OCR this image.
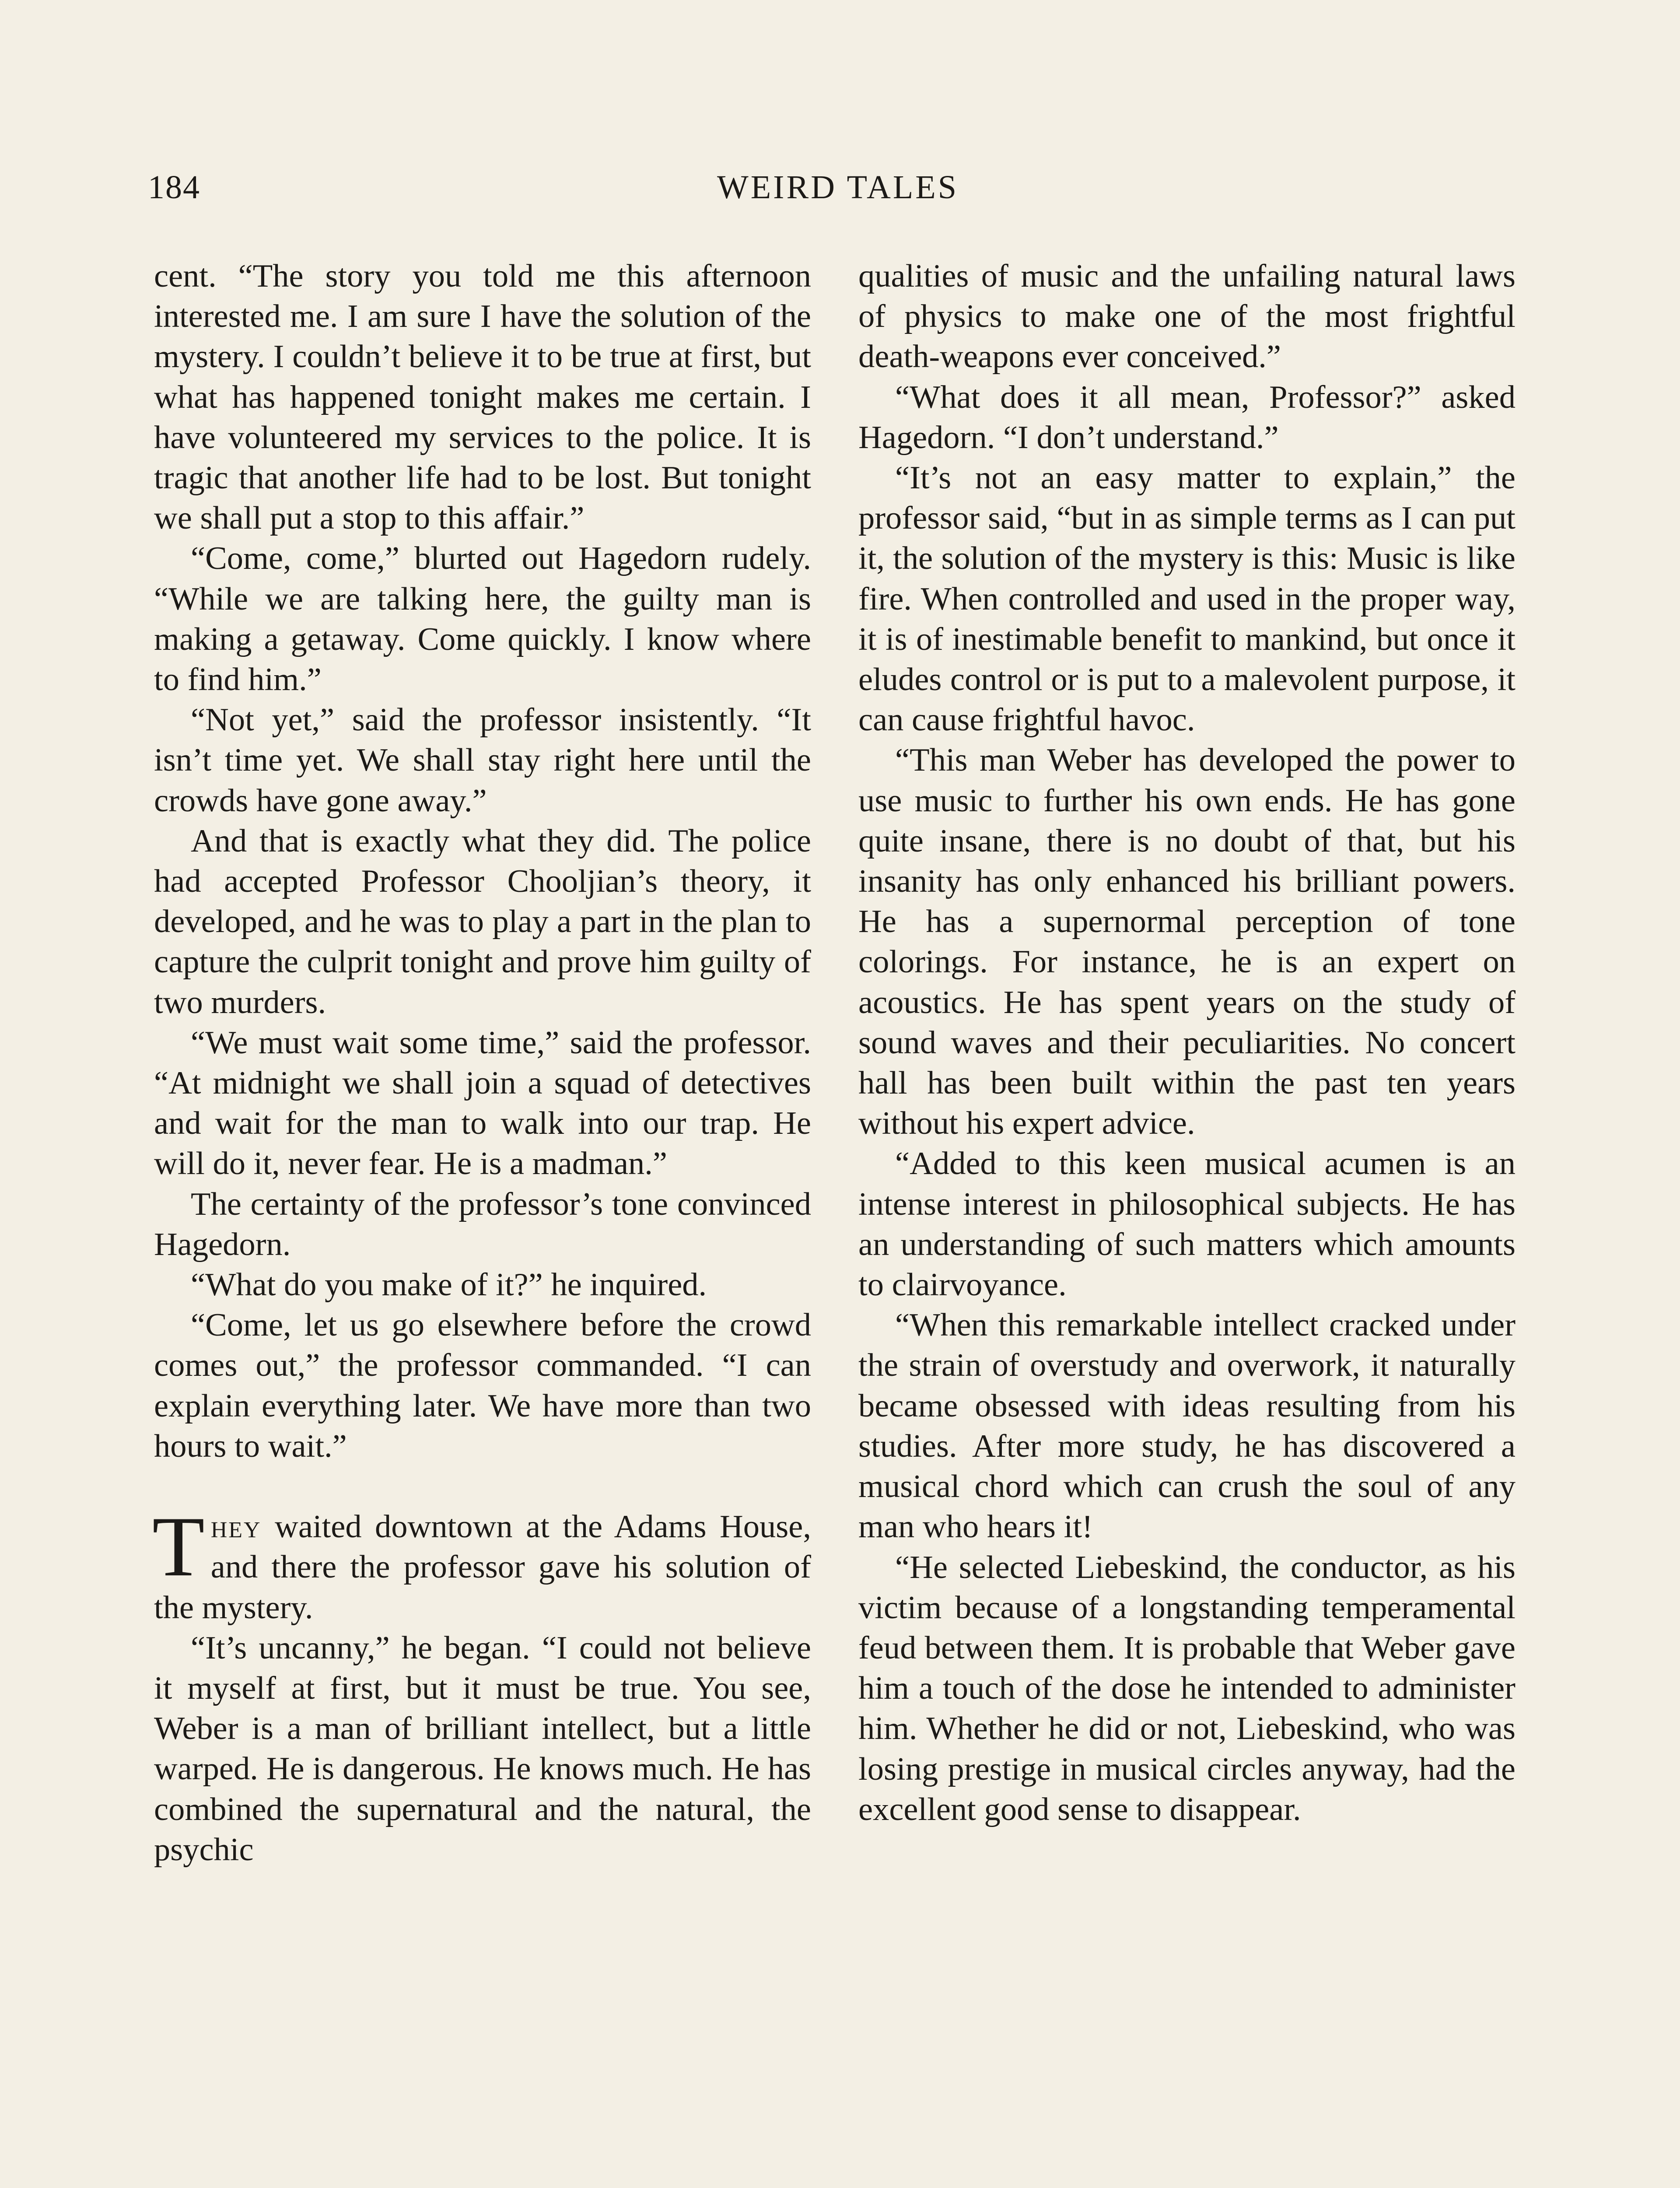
184	WEIRD TALES

cent. “The story you told me this afternoon interested me. I am sure I have the solution of the mystery. I couldn’t believe it to be true at first, but what has happened tonight makes me certain. I have volunteered my services to the police. It is tragic that another life had to be lost. But tonight we shall put a stop to this affair.”

“Come, come,” blurted out Hagedorn rudely. “While we are talking here, the guilty man is making a getaway. Come quickly. I know where to find him.”

“Not yet,” said the professor insistently. “It isn’t time yet. We shall stay right here until the crowds have gone away.”

And that is exactly what they did. The police had accepted Professor Chooljian’s theory, it developed, and he was to play a part in the plan to capture the culprit tonight and prove him guilty of two murders.

“We must wait some time,” said the professor. “At midnight we shall join a squad of detectives and wait for the man to walk into our trap. He will do it, never fear. He is a madman.”

The certainty of the professor’s tone convinced Hagedorn.

“What do you make of it?” he inquired.

“Come, let us go elsewhere before the crowd comes out,” the professor commanded. “I can explain everything later. We have more than two hours to wait.”

They waited downtown at the Adams House, and there the professor gave his solution of the mystery.

“It’s uncanny,” he began. “I could not believe it myself at first, but it must be true. You see, Weber is a man of brilliant intellect, but a little warped. He is dangerous. He knows much. He has combined the supernatural and the natural, the psychic

qualities of music and the unfailing natural laws of physics to make one of the most frightful death-weapons ever conceived.”

“What does it all mean, Professor?” asked Hagedorn. “I don’t understand.”

“It’s not an easy matter to explain,” the professor said, “but in as simple terms as I can put it, the solution of the mystery is this: Music is like fire. When controlled and used in the proper way, it is of inestimable benefit to mankind, but once it eludes control or is put to a malevolent purpose, it can cause frightful havoc.

“This man Weber has developed the power to use music to further his own ends. He has gone quite insane, there is no doubt of that, but his insanity has only enhanced his brilliant powers. He has a supernormal perception of tone colorings. For instance, he is an expert on acoustics. He has spent years on the study of sound waves and their peculiarities. No concert hall has been built within the past ten years without his expert advice.

“Added to this keen musical acumen is an intense interest in philosophical subjects. He has an understanding of such matters which amounts to clairvoyance.

“When this remarkable intellect cracked under the strain of overstudy and overwork, it naturally became obsessed with ideas resulting from his studies. After more study, he has discovered a musical chord which can crush the soul of any man who hears it!

“He selected Liebeskind, the conductor, as his victim because of a longstanding temperamental feud between them. It is probable that Weber gave him a touch of the dose he intended to administer him. Whether he did or not, Liebeskind, who was losing prestige in musical circles anyway, had the excellent good sense to disappear.
